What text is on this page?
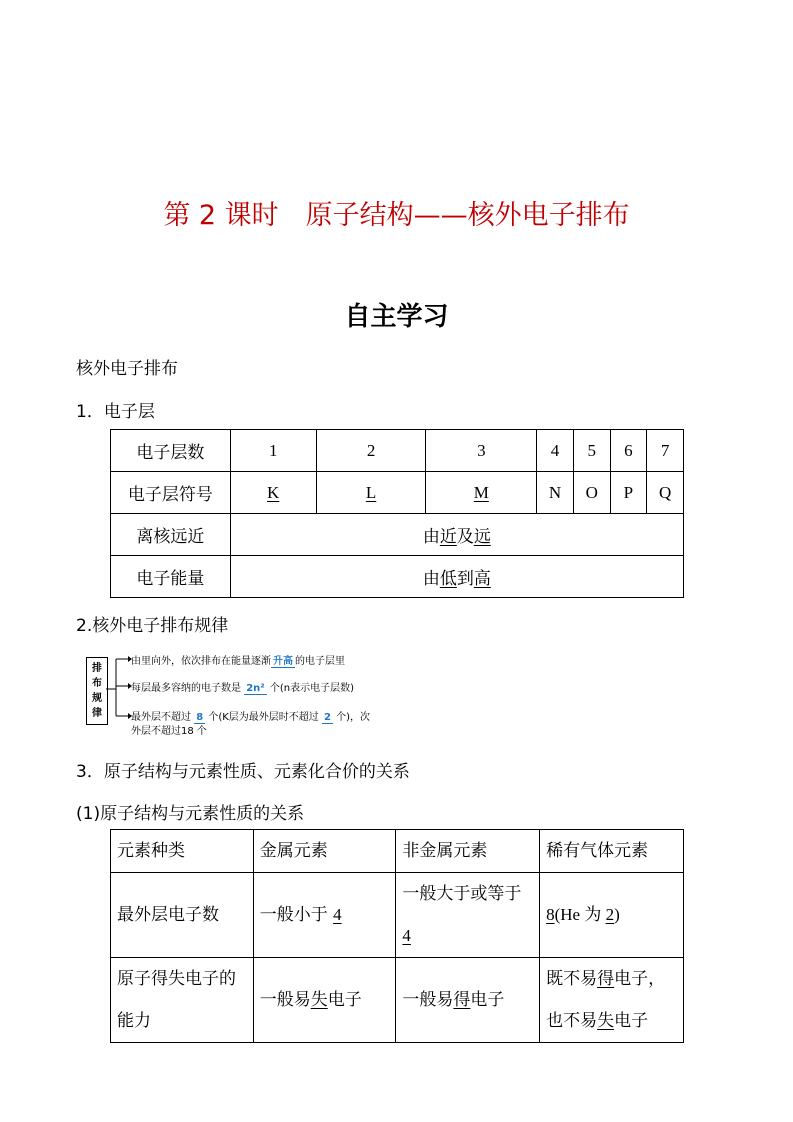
第 2 课时　原子结构——核外电子排布
自主学习
核外电子排布
1．电子层
电子层数	1	2	3	4	5	6	7
电子层符号	K	L	M	N	O	P	Q
离核远近	由近及远						
电子能量	由低到高						
2.核外电子排布规律
排布规律
由里向外，依次排布在能量逐渐 升高 的电子层里
每层最多容纳的电子数是 2n² 个(n表示电子层数)
最外层不超过 8 个(K层为最外层时不超过 2 个)，次
外层不超过18 个
3．原子结构与元素性质、元素化合价的关系
(1)原子结构与元素性质的关系
元素种类	金属元素	非金属元素	稀有气体元素
最外层电子数	一般小于 4	一般大于或等于 4	8(He 为 2)
原子得失电子的能力	一般易失电子	一般易得电子	既不易得电子，也不易失电子
